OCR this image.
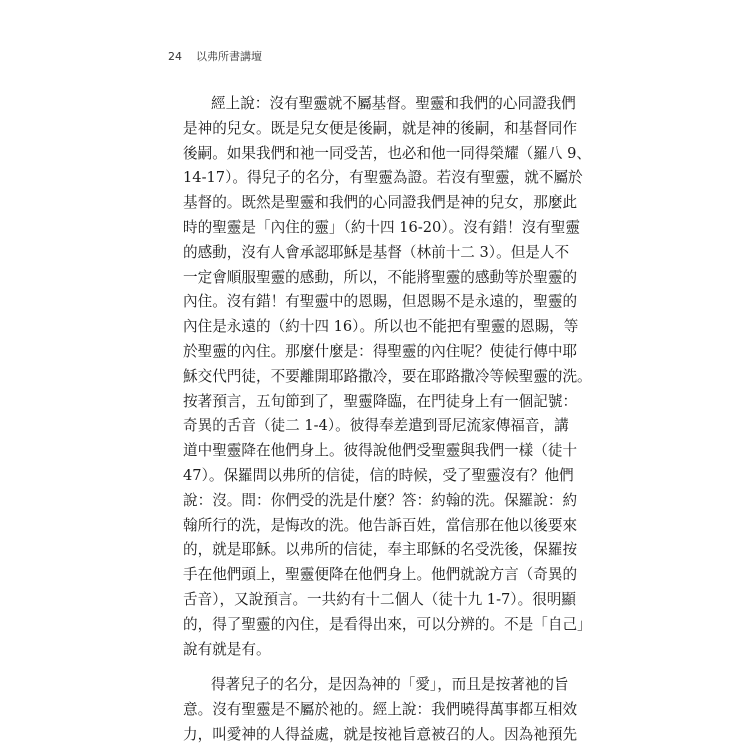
24 以弗所書講壇
經上說：沒有聖靈就不屬基督。聖靈和我們的心同證我們
是神的兒女。既是兒女便是後嗣，就是神的後嗣，和基督同作
後嗣。如果我們和祂一同受苦，也必和他一同得榮耀（羅八 9、
14-17）。得兒子的名分，有聖靈為證。若沒有聖靈，就不屬於
基督的。既然是聖靈和我們的心同證我們是神的兒女，那麼此
時的聖靈是「內住的靈」（約十四 16-20）。沒有錯！沒有聖靈
的感動，沒有人會承認耶穌是基督（林前十二 3）。但是人不
一定會順服聖靈的感動，所以，不能將聖靈的感動等於聖靈的
內住。沒有錯！有聖靈中的恩賜，但恩賜不是永遠的，聖靈的
內住是永遠的（約十四 16）。所以也不能把有聖靈的恩賜，等
於聖靈的內住。那麼什麼是：得聖靈的內住呢？使徒行傳中耶
穌交代門徒，不要離開耶路撒冷，要在耶路撒冷等候聖靈的洗。
按著預言，五旬節到了，聖靈降臨，在門徒身上有一個記號：
奇異的舌音（徒二 1-4）。彼得奉差遣到哥尼流家傳福音，講
道中聖靈降在他們身上。彼得說他們受聖靈與我們一樣（徒十
47）。保羅問以弗所的信徒，信的時候，受了聖靈沒有？他們
說：沒。問：你們受的洗是什麼？答：約翰的洗。保羅說：約
翰所行的洗，是悔改的洗。他告訴百姓，當信那在他以後要來
的，就是耶穌。以弗所的信徒，奉主耶穌的名受洗後，保羅按
手在他們頭上，聖靈便降在他們身上。他們就說方言（奇異的
舌音），又說預言。一共約有十二個人（徒十九 1-7）。很明顯
的，得了聖靈的內住，是看得出來，可以分辨的。不是「自己」
說有就是有。
得著兒子的名分，是因為神的「愛」，而且是按著祂的旨
意。沒有聖靈是不屬於祂的。經上說：我們曉得萬事都互相效
力，叫愛神的人得益處，就是按祂旨意被召的人。因為祂預先
